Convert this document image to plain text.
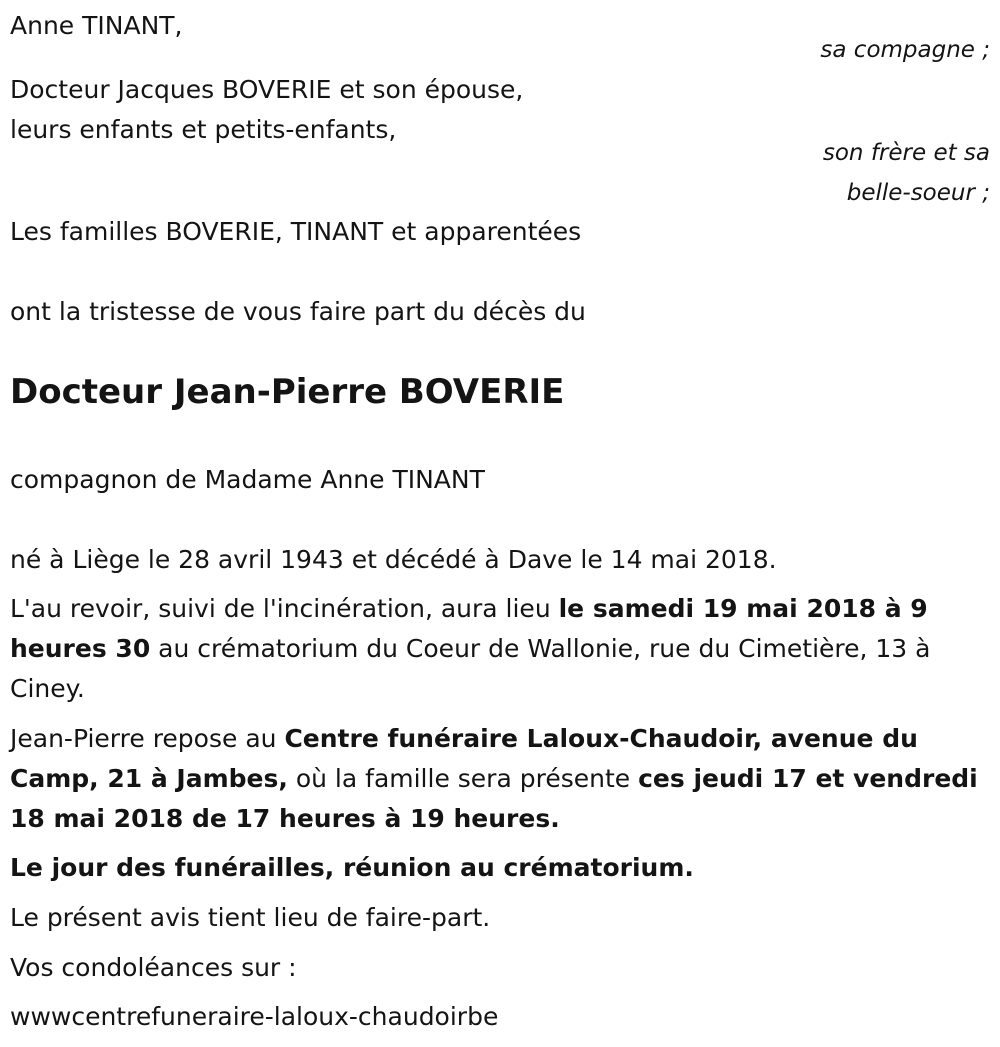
Anne TINANT,

sa compagne ;

Docteur Jacques BOVERIE et son épouse,

leurs enfants et petits-enfants,

son frère et sa

belle-soeur ;

Les familles BOVERIE, TINANT et apparentées

ont la tristesse de vous faire part du décès du

Docteur Jean-Pierre BOVERIE

compagnon de Madame Anne TINANT

né à Liège le 28 avril 1943 et décédé à Dave le 14 mai 2018.

L'au revoir, suivi de l'incinération, aura lieu le samedi 19 mai 2018 à 9 heures 30 au crématorium du Coeur de Wallonie, rue du Cimetière, 13 à Ciney.

Jean-Pierre repose au Centre funéraire Laloux-Chaudoir, avenue du Camp, 21 à Jambes, où la famille sera présente ces jeudi 17 et vendredi 18 mai 2018 de 17 heures à 19 heures.

Le jour des funérailles, réunion au crématorium.

Le présent avis tient lieu de faire-part.

Vos condoléances sur :

wwwcentrefuneraire-laloux-chaudoirbe
